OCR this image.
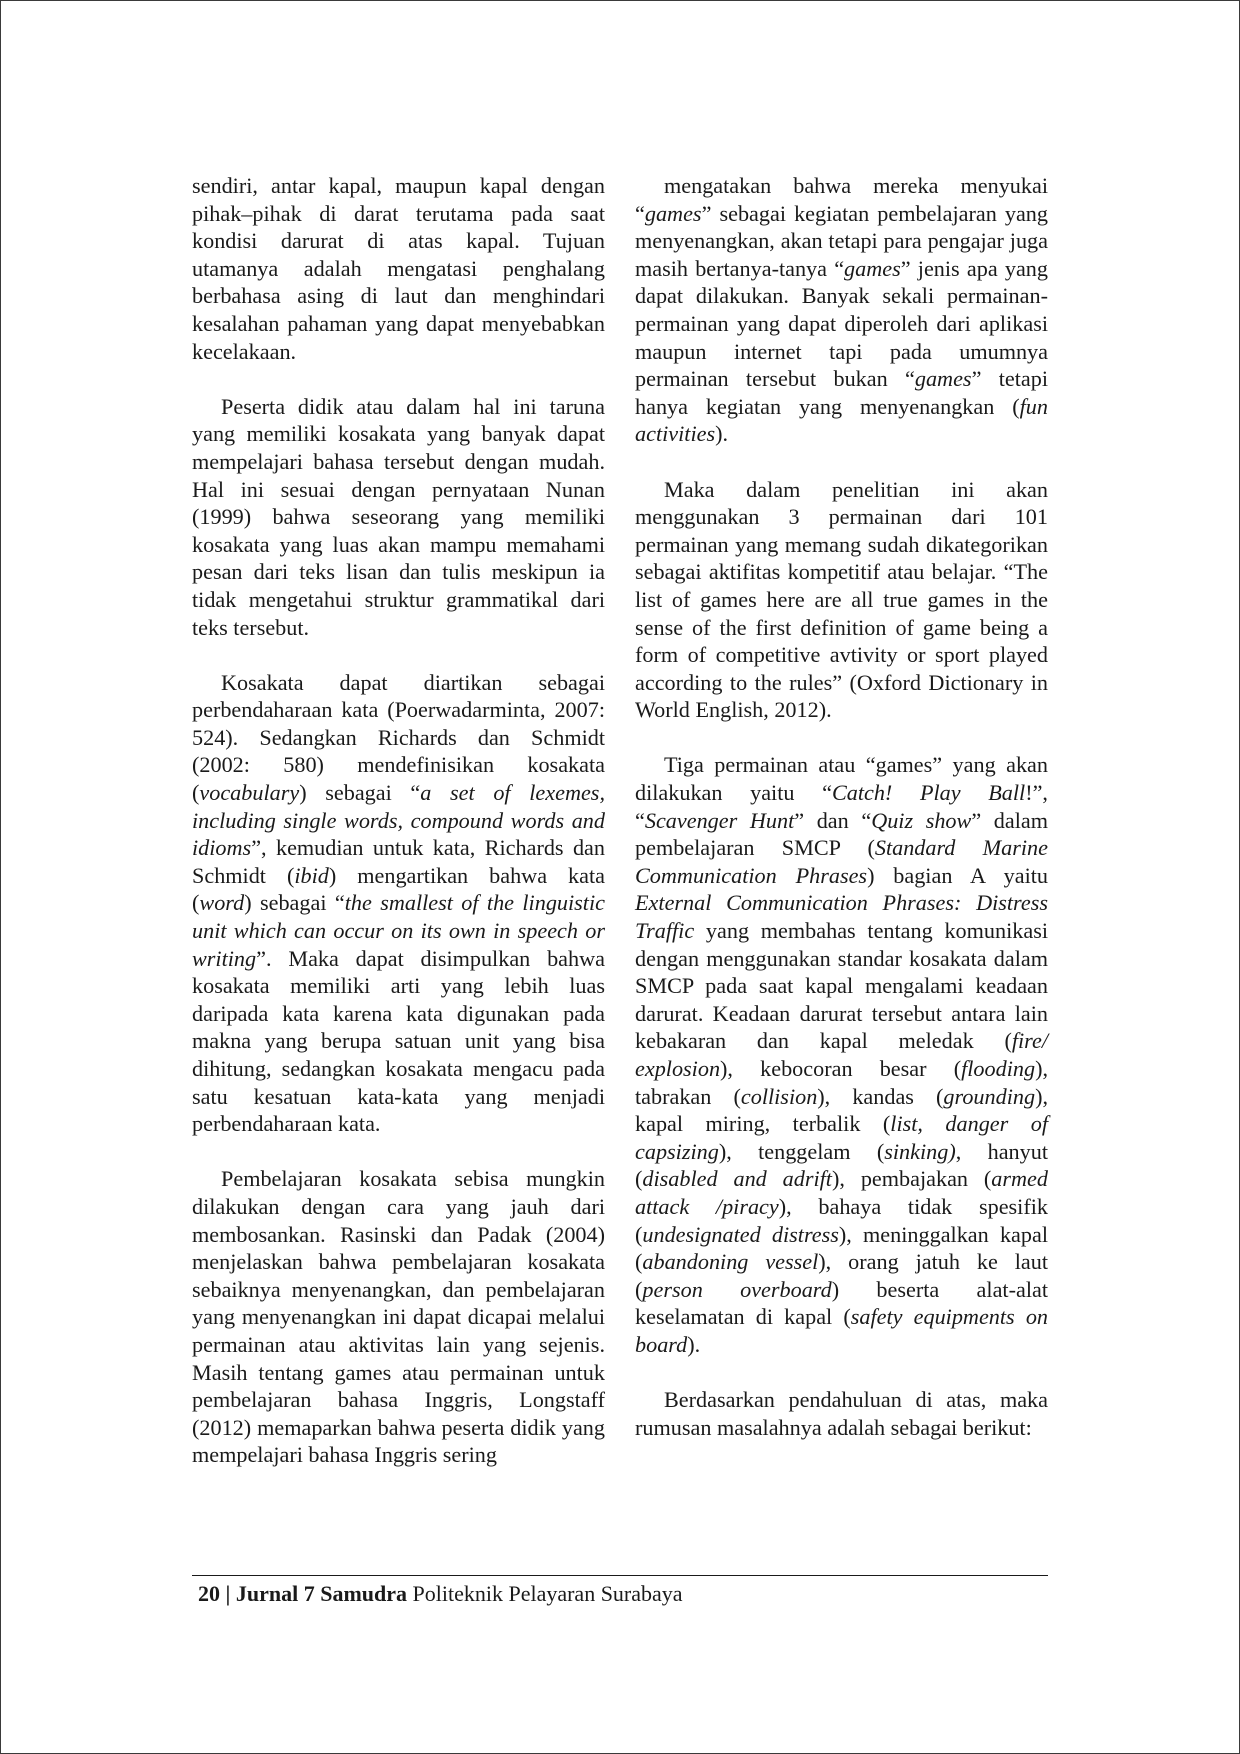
sendiri, antar kapal, maupun kapal dengan pihak–pihak di darat terutama pada saat kondisi darurat di atas kapal. Tujuan utamanya adalah mengatasi penghalang berbahasa asing di laut dan menghindari kesalahan pahaman yang dapat menyebabkan kecelakaan.

Peserta didik atau dalam hal ini taruna yang memiliki kosakata yang banyak dapat mempelajari bahasa tersebut dengan mudah. Hal ini sesuai dengan pernyataan Nunan (1999) bahwa seseorang yang memiliki kosakata yang luas akan mampu memahami pesan dari teks lisan dan tulis meskipun ia tidak mengetahui struktur grammatikal dari teks tersebut.

Kosakata dapat diartikan sebagai perbendaharaan kata (Poerwadarminta, 2007: 524). Sedangkan Richards dan Schmidt (2002: 580) mendefinisikan kosakata (vocabulary) sebagai “a set of lexemes, including single words, compound words and idioms”, kemudian untuk kata, Richards dan Schmidt (ibid) mengartikan bahwa kata (word) sebagai “the smallest of the linguistic unit which can occur on its own in speech or writing”. Maka dapat disimpulkan bahwa kosakata memiliki arti yang lebih luas daripada kata karena kata digunakan pada makna yang berupa satuan unit yang bisa dihitung, sedangkan kosakata mengacu pada satu kesatuan kata-kata yang menjadi perbendaharaan kata.

Pembelajaran kosakata sebisa mungkin dilakukan dengan cara yang jauh dari membosankan. Rasinski dan Padak (2004) menjelaskan bahwa pembelajaran kosakata sebaiknya menyenangkan, dan pembelajaran yang menyenangkan ini dapat dicapai melalui permainan atau aktivitas lain yang sejenis. Masih tentang games atau permainan untuk pembelajaran bahasa Inggris, Longstaff (2012) memaparkan bahwa peserta didik yang mempelajari bahasa Inggris sering

mengatakan bahwa mereka menyukai “games” sebagai kegiatan pembelajaran yang menyenangkan, akan tetapi para pengajar juga masih bertanya-tanya “games” jenis apa yang dapat dilakukan. Banyak sekali permainan-permainan yang dapat diperoleh dari aplikasi maupun internet tapi pada umumnya permainan tersebut bukan “games” tetapi hanya kegiatan yang menyenangkan (fun activities).

Maka dalam penelitian ini akan menggunakan 3 permainan dari 101 permainan yang memang sudah dikategorikan sebagai aktifitas kompetitif atau belajar. “The list of games here are all true games in the sense of the first definition of game being a form of competitive avtivity or sport played according to the rules” (Oxford Dictionary in World English, 2012).

Tiga permainan atau “games” yang akan dilakukan yaitu “Catch! Play Ball!”, “Scavenger Hunt” dan “Quiz show” dalam pembelajaran SMCP (Standard Marine Communication Phrases) bagian A yaitu External Communication Phrases: Distress Traffic yang membahas tentang komunikasi dengan menggunakan standar kosakata dalam SMCP pada saat kapal mengalami keadaan darurat. Keadaan darurat tersebut antara lain kebakaran dan kapal meledak (fire/ explosion), kebocoran besar (flooding), tabrakan (collision), kandas (grounding), kapal miring, terbalik (list, danger of capsizing), tenggelam (sinking), hanyut (disabled and adrift), pembajakan (armed attack /piracy), bahaya tidak spesifik (undesignated distress), meninggalkan kapal (abandoning vessel), orang jatuh ke laut (person overboard) beserta alat-alat keselamatan di kapal (safety equipments on board).

Berdasarkan pendahuluan di atas, maka rumusan masalahnya adalah sebagai berikut:

20 | Jurnal 7 Samudra Politeknik Pelayaran Surabaya
